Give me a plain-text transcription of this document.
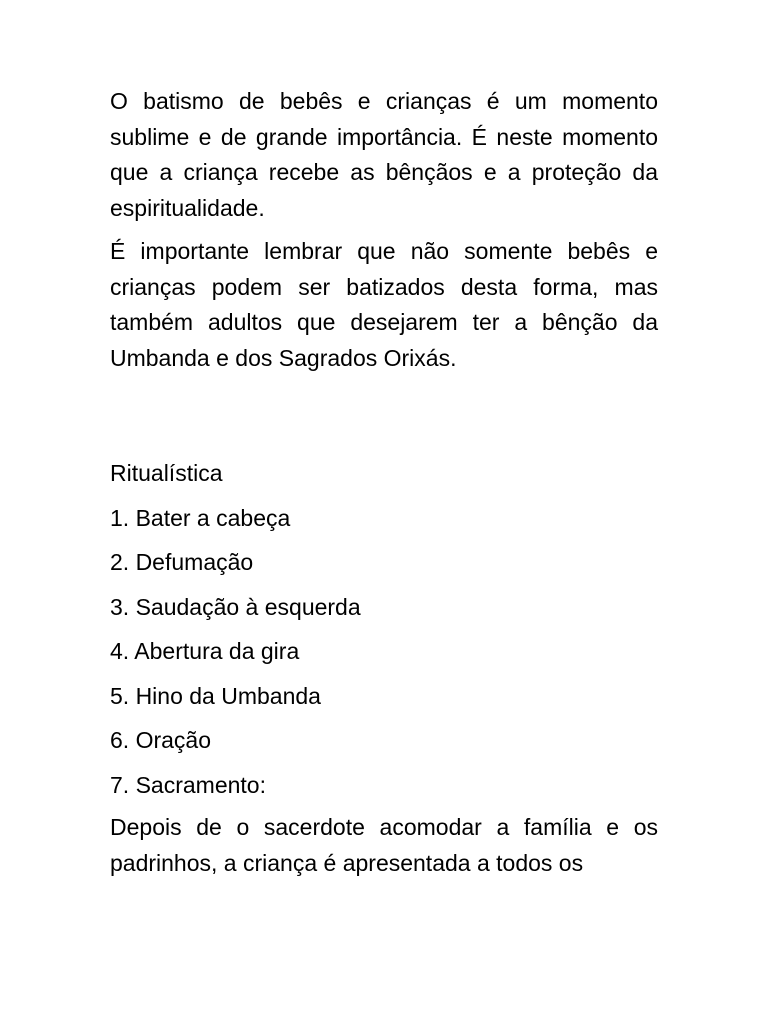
O batismo de bebês e crianças é um momento sublime e de grande importância. É neste momento que a criança recebe as bênçãos e a proteção da espiritualidade.

É importante lembrar que não somente bebês e crianças podem ser batizados desta forma, mas também adultos que desejarem ter a bênção da Umbanda e dos Sagrados Orixás.

Ritualística

1. Bater a cabeça
2. Defumação
3. Saudação à esquerda
4. Abertura da gira
5. Hino da Umbanda
6. Oração
7. Sacramento:

Depois de o sacerdote acomodar a família e os padrinhos, a criança é apresentada a todos os
